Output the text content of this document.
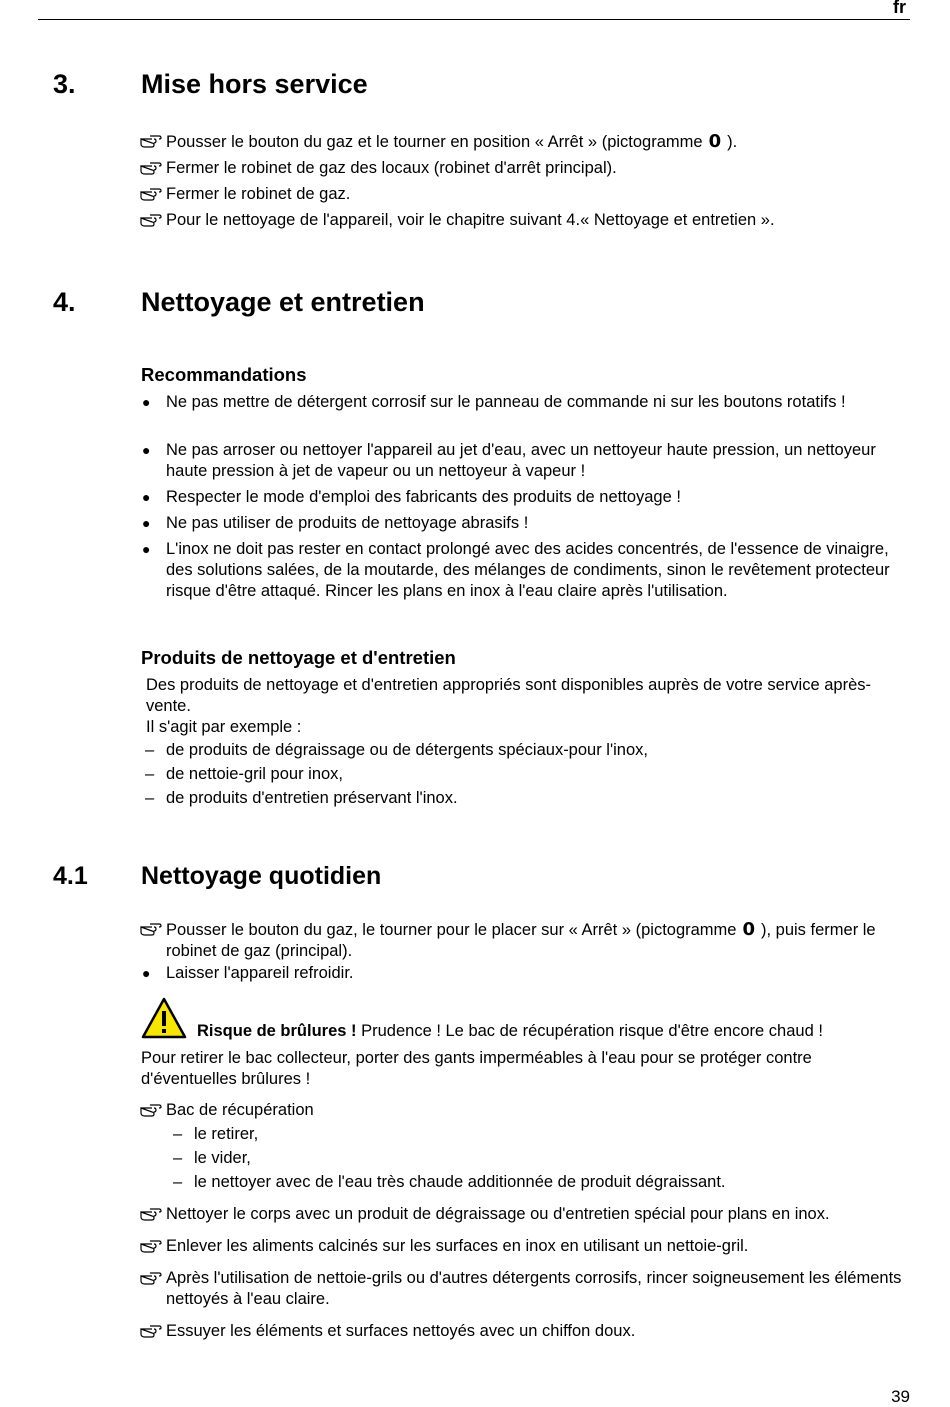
fr
3. Mise hors service
Pousser le bouton du gaz et le tourner en position « Arrêt » (pictogramme 0 ).
Fermer le robinet de gaz des locaux (robinet d'arrêt principal).
Fermer le robinet de gaz.
Pour le nettoyage de l'appareil, voir le chapitre suivant 4.« Nettoyage et entretien ».
4. Nettoyage et entretien
Recommandations
● Ne pas mettre de détergent corrosif sur le panneau de commande ni sur les boutons rotatifs !
● Ne pas arroser ou nettoyer l'appareil au jet d'eau, avec un nettoyeur haute pression, un nettoyeur haute pression à jet de vapeur ou un nettoyeur à vapeur !
● Respecter le mode d'emploi des fabricants des produits de nettoyage !
● Ne pas utiliser de produits de nettoyage abrasifs !
● L'inox ne doit pas rester en contact prolongé avec des acides concentrés, de l'essence de vinaigre, des solutions salées, de la moutarde, des mélanges de condiments, sinon le revêtement protecteur risque d'être attaqué. Rincer les plans en inox à l'eau claire après l'utilisation.
Produits de nettoyage et d'entretien
Des produits de nettoyage et d'entretien appropriés sont disponibles auprès de votre service après-vente.
Il s'agit par exemple :
– de produits de dégraissage ou de détergents spéciaux-pour l'inox,
– de nettoie-gril pour inox,
– de produits d'entretien préservant l'inox.
4.1 Nettoyage quotidien
Pousser le bouton du gaz, le tourner pour le placer sur « Arrêt » (pictogramme 0 ), puis fermer le robinet de gaz (principal).
● Laisser l'appareil refroidir.
Risque de brûlures ! Prudence ! Le bac de récupération risque d'être encore chaud !
Pour retirer le bac collecteur, porter des gants imperméables à l'eau pour se protéger contre d'éventuelles brûlures !
Bac de récupération
– le retirer,
– le vider,
– le nettoyer avec de l'eau très chaude additionnée de produit dégraissant.
Nettoyer le corps avec un produit de dégraissage ou d'entretien spécial pour plans en inox.
Enlever les aliments calcinés sur les surfaces en inox en utilisant un nettoie-gril.
Après l'utilisation de nettoie-grils ou d'autres détergents corrosifs, rincer soigneusement les éléments nettoyés à l'eau claire.
Essuyer les éléments et surfaces nettoyés avec un chiffon doux.
39
